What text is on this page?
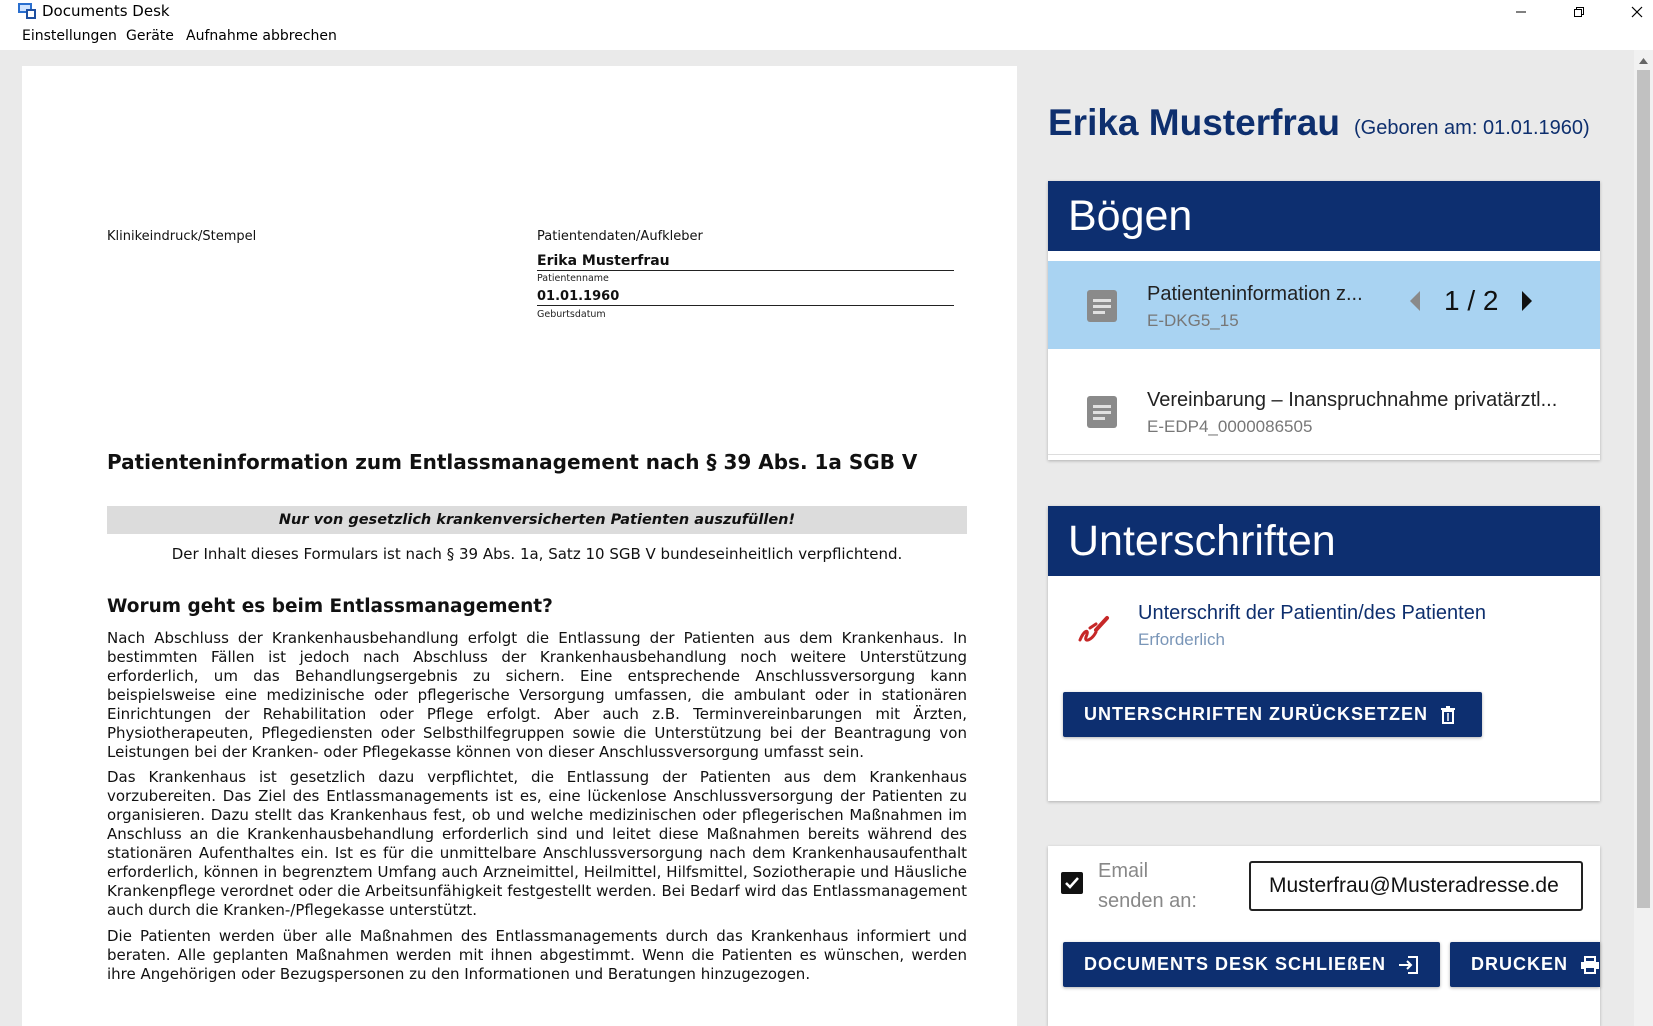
Documents Desk
Einstellungen Geräte Aufnahme abbrechen
Klinikeindruck/Stempel	Patientendaten/Aufkleber
Erika Musterfrau
Patientenname
01.01.1960
Geburtsdatum
Patienteninformation zum Entlassmanagement nach § 39 Abs. 1a SGB V
Nur von gesetzlich krankenversicherten Patienten auszufüllen!
Der Inhalt dieses Formulars ist nach § 39 Abs. 1a, Satz 10 SGB V bundeseinheitlich verpflichtend.
Worum geht es beim Entlassmanagement?
Nach Abschluss der Krankenhausbehandlung erfolgt die Entlassung der Patienten aus dem Krankenhaus. In bestimmten Fällen ist jedoch nach Abschluss der Krankenhausbehandlung noch weitere Unterstützung erforderlich, um das Behandlungsergebnis zu sichern. Eine entsprechende Anschlussversorgung kann beispielsweise eine medizinische oder pflegerische Versorgung umfassen, die ambulant oder in stationären Einrichtungen der Rehabilitation oder Pflege erfolgt. Aber auch z.B. Terminvereinbarungen mit Ärzten, Physiotherapeuten, Pflegediensten oder Selbsthilfegruppen sowie die Unterstützung bei der Beantragung von Leistungen bei der Kranken- oder Pflegekasse können von dieser Anschlussversorgung umfasst sein.
Das Krankenhaus ist gesetzlich dazu verpflichtet, die Entlassung der Patienten aus dem Krankenhaus vorzubereiten. Das Ziel des Entlassmanagements ist es, eine lückenlose Anschlussversorgung der Patienten zu organisieren. Dazu stellt das Krankenhaus fest, ob und welche medizinischen oder pflegerischen Maßnahmen im Anschluss an die Krankenhausbehandlung erforderlich sind und leitet diese Maßnahmen bereits während des stationären Aufenthaltes ein. Ist es für die unmittelbare Anschlussversorgung nach dem Krankenhausaufenthalt erforderlich, können in begrenztem Umfang auch Arzneimittel, Heilmittel, Hilfsmittel, Soziotherapie und Häusliche Krankenpflege verordnet oder die Arbeitsunfähigkeit festgestellt werden. Bei Bedarf wird das Entlassmanagement auch durch die Kranken-/Pflegekasse unterstützt.
Die Patienten werden über alle Maßnahmen des Entlassmanagements durch das Krankenhaus informiert und beraten. Alle geplanten Maßnahmen werden mit ihnen abgestimmt. Wenn die Patienten es wünschen, werden ihre Angehörigen oder Bezugspersonen zu den Informationen und Beratungen hinzugezogen.
Erika Musterfrau (Geboren am: 01.01.1960)
Bögen
Patienteninformation z...
E-DKG5_15
1 / 2
Vereinbarung – Inanspruchnahme privatärztl...
E-EDP4_0000086505
Unterschriften
Unterschrift der Patientin/des Patienten
Erforderlich
UNTERSCHRIFTEN ZURÜCKSETZEN
Email senden an:
Musterfrau@Musteradresse.de
DOCUMENTS DESK SCHLIEßEN	DRUCKEN
